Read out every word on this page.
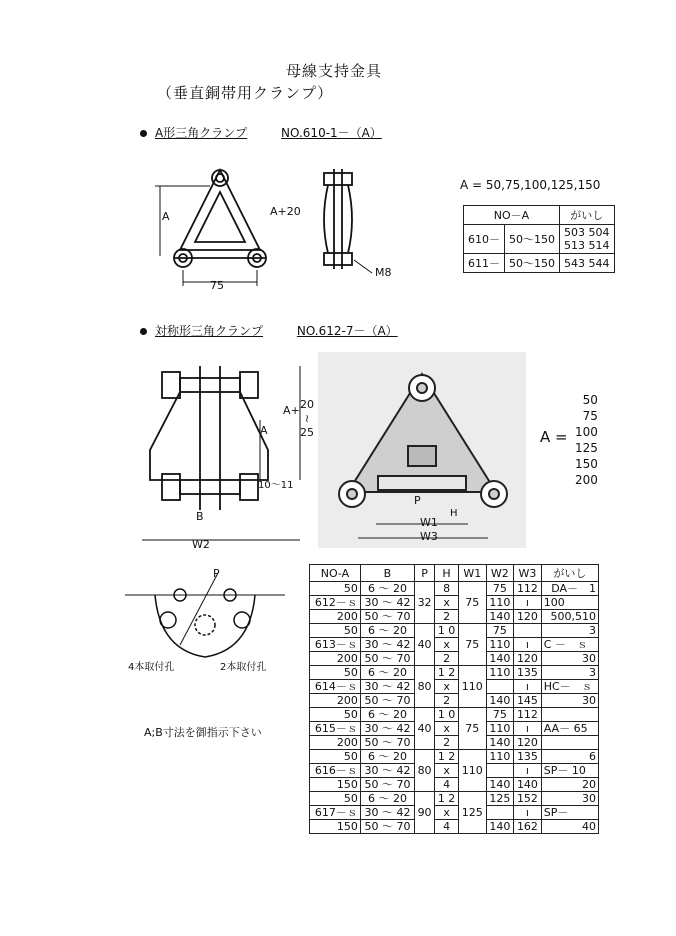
母線支持金具
（垂直銅帯用クランプ）
A形三角クランプ	NO.610-1－（A）
75
A	A+20
M8
A = 50,75,100,125,150
NO－A		がいし
610－	50～150	503 504
513 514

611－	50～150	543 544
対称形三角クランプ	NO.612-7－（A）
A
A+ 20
≀
25
10～11
B
W2
P
H
W1
W3
A =
50
75
100
125
150
200
P
4本取付孔	2本取付孔
A;B寸法を御指示下さい
NO-A	B	P	H	W1	W2	W3	がいし
50	6 ～ 20	32	8	75	75	112	DA－　1
612－ｓ	30 ～ 42		x		110	ı	100
200	50 ～ 70		2		140	120	500,510
50	6 ～ 20	40	1 0	75	75		3
613－ｓ	30 ～ 42		x		110	ı	C －　ｓ
200	50 ～ 70		2		140	120	30
50	6 ～ 20	80	1 2	110	110	135	3
614－ｓ	30 ～ 42		x			ı	HC－　ｓ
200	50 ～ 70		2		140	145	30
50	6 ～ 20	40	1 0	75	75	112	
615－ｓ	30 ～ 42		x		110	ı	AA－ 65
200	50 ～ 70		2		140	120	
50	6 ～ 20	80	1 2	110	110	135	6
616－ｓ	30 ～ 42		x			ı	SP－ 10
150	50 ～ 70		4		140	140	20
50	6 ～ 20	90	1 2	125	125	152	30
617－ｓ	30 ～ 42		x			ı	SP－
150	50 ～ 70		4		140	162	40
